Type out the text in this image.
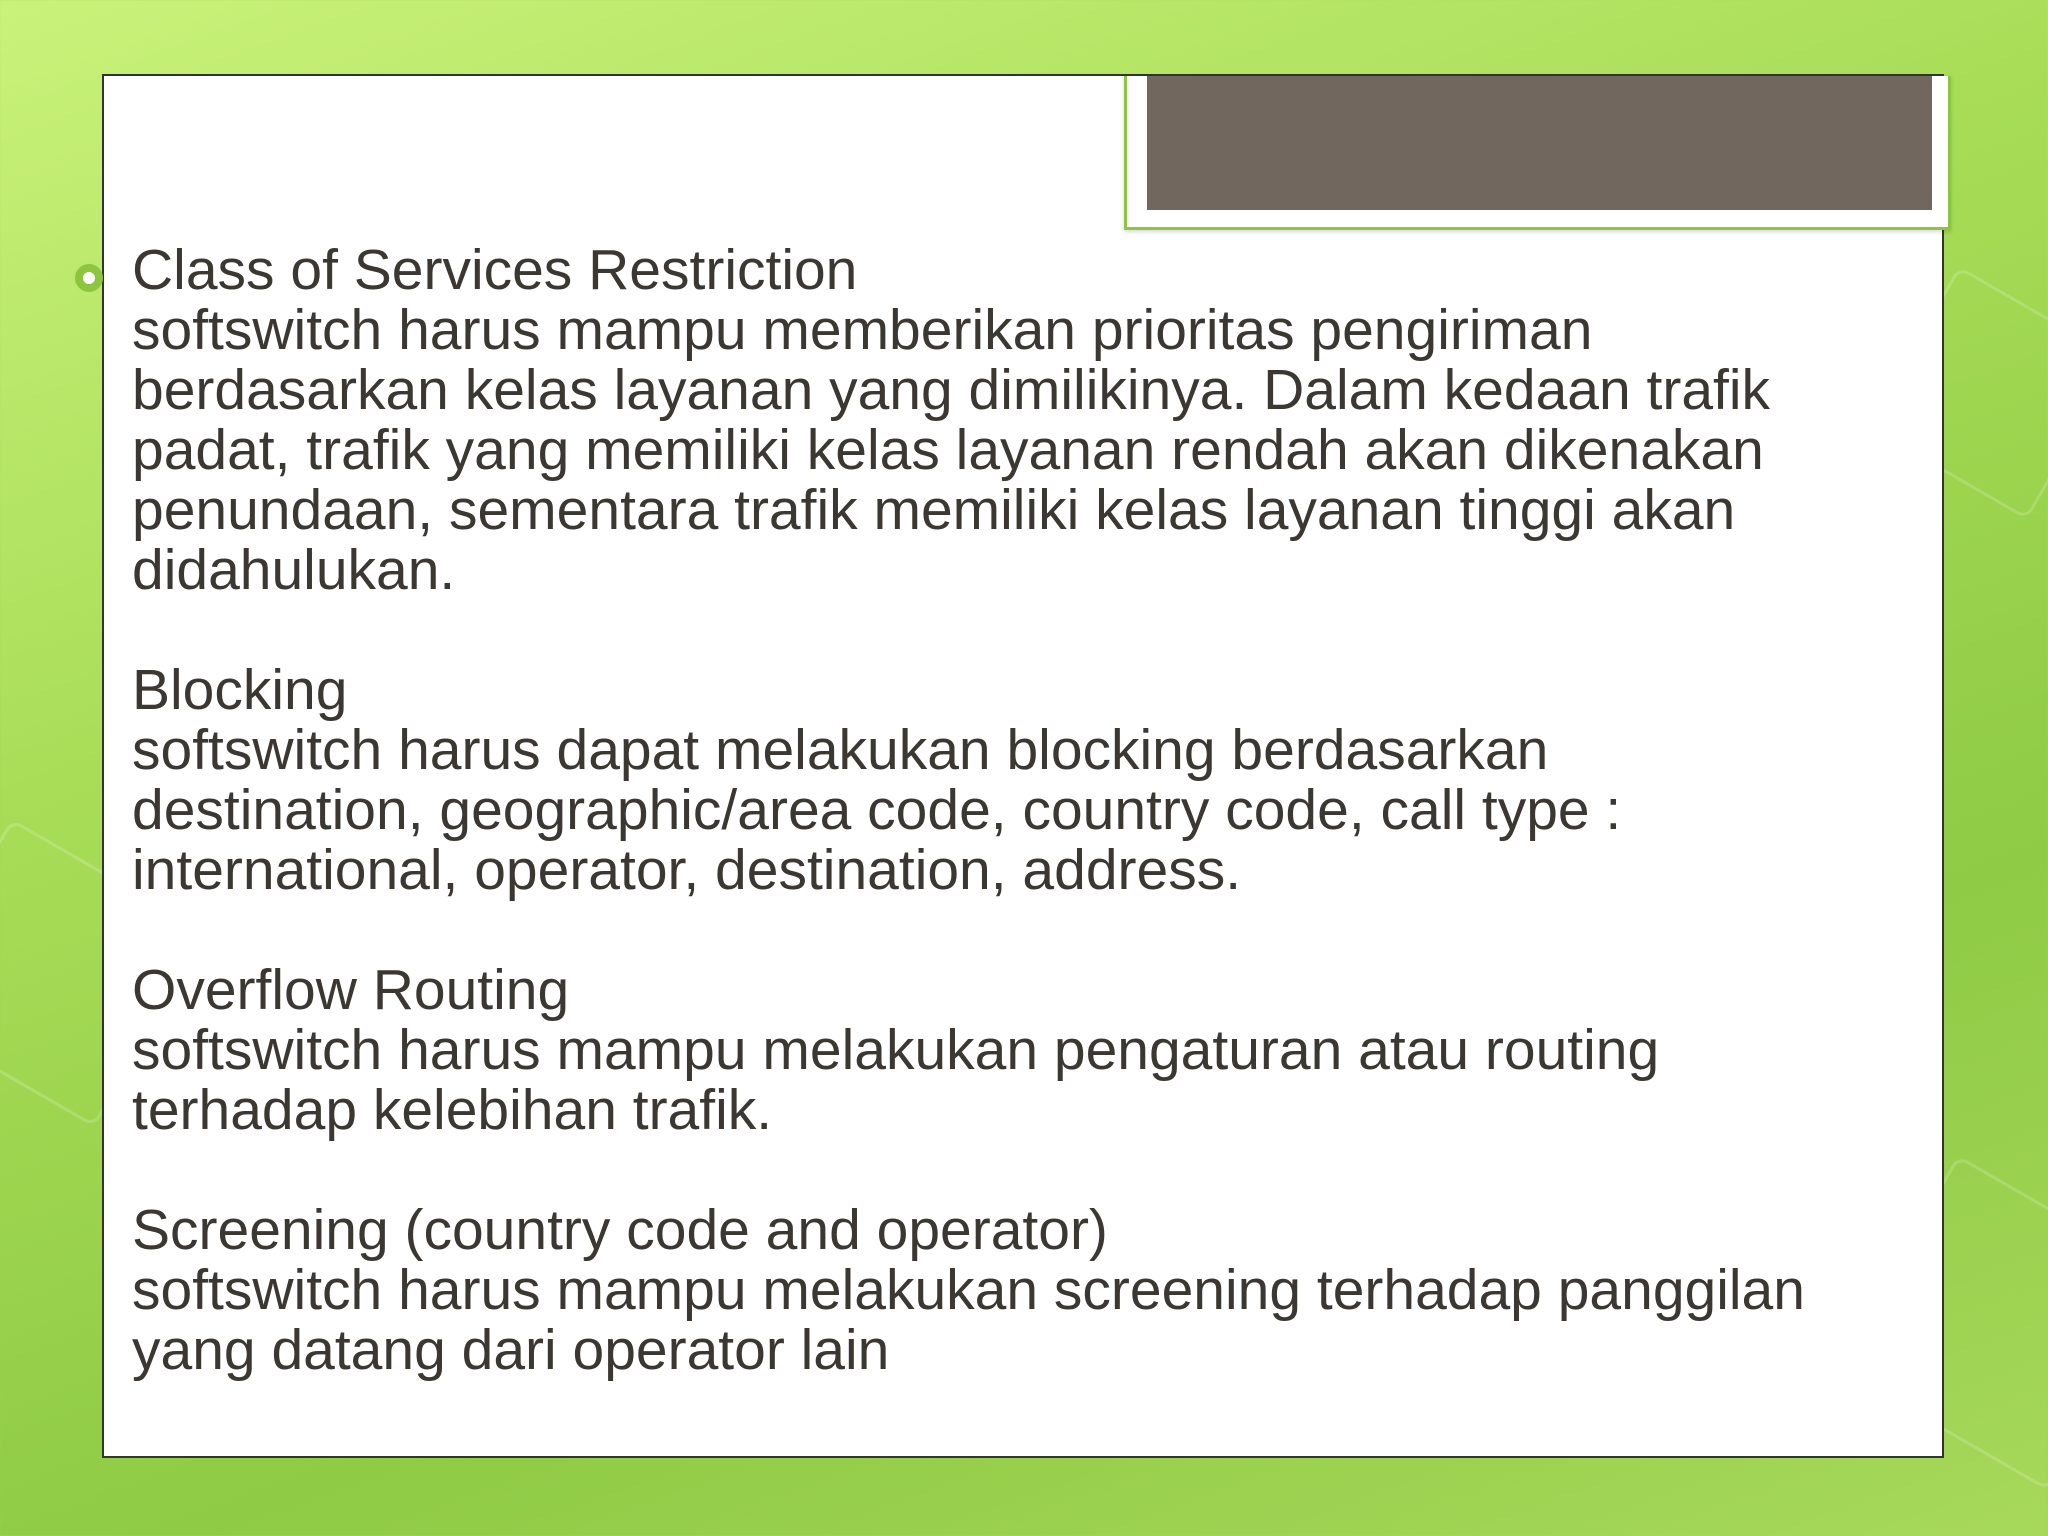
Class of Services Restriction

softswitch harus mampu memberikan prioritas pengiriman

berdasarkan kelas layanan yang dimilikinya. Dalam kedaan trafik

padat, trafik yang memiliki kelas layanan rendah akan dikenakan

penundaan, sementara trafik memiliki kelas layanan tinggi akan

didahulukan.

Blocking

softswitch harus dapat melakukan blocking berdasarkan

destination, geographic/area code, country code, call type :

international, operator, destination, address.

Overflow Routing

softswitch harus mampu melakukan pengaturan atau routing

terhadap kelebihan trafik.

Screening (country code and operator)

softswitch harus mampu melakukan screening terhadap panggilan

yang datang dari operator lain
